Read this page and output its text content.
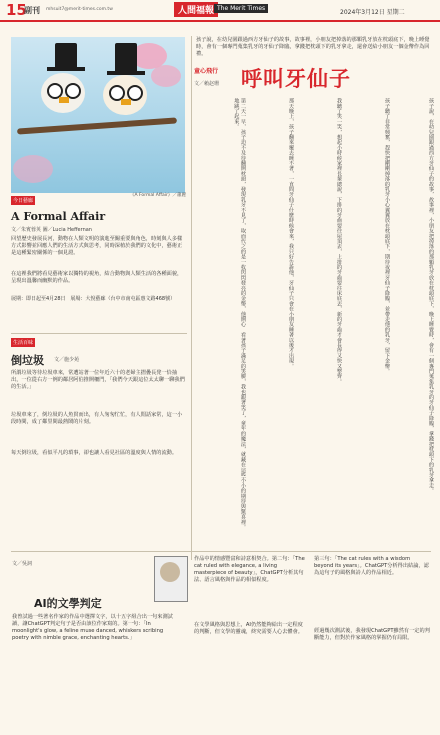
15
副刊 mhsuit7@merit-times.com.tw	人間福報 The Merit Times
2024年3月12日 星期二
《A Formal Affair》／蕭麗
孩子說，在幼兒園跟過西方牙仙子的故事，故事裡，小朋友把掉落的那顆乳牙放在枕頭底下，晚上睡覺時，會有一個專門蒐集乳牙的牙仙子降臨，拿錢把枕頭下的乳牙拿走，還會送給小朋友一個金幣作為回禮。
童心飛行
文／賴赵珊 呼叫牙仙子
孩子說，在幼兒園跟過西方牙仙子的故事，故事裡，小朋友把掉落的那顆乳牙放在枕頭底下，晚上睡覺時，會有一個專門蒐集乳牙的牙仙子降臨，拿錢把枕頭下的乳牙拿走。
孩子聽了非常興奮，趕快把剛剛掉落的乳牙小心翼翼放在枕頭底下，期待夜裡牙仙子降臨，並帶走他的乳牙，留下金幣。
我聽了笑一笑，想起小時候家裡長輩總說，下排的牙齒要往屋頂丟，上排的牙齒要往床底丟，新的牙齒才會長得又快又整齊。
那天晚上，孩子翻來覆去睡不著，一直問牙仙子什麼時候會來，我只好告訴他，牙仙子只會在小朋友睡著以後才出現。
第二天一早，孩子迫不及待翻開枕頭，發現乳牙不見了，取而代之的是一枚閃閃發亮的金幣，他開心地跳了起來。
看著孩子滿足的笑臉，我也跟著笑了，童年的魔法，就藏在這些小小的期待與驚喜裡。
今日藝廊
A Formal Affair
文／朱賓蓉英 圖／Lucia Heffernan
回望歷史發展長河，動物在人類文明的演進至關重要與角色，時刻與人多樣方式影響並回應人們的生活方式與思考，同時深植於我們的文化中，藝術正是這種緊密關係的一個見證。
在這裡我們將看見藝術家以獨特的視角，結合動物與人類生活的各種面貌，呈現出溫馨而幽默的作品。
展期：即日起至4月28日　展場：大悅藝廊（台中市南屯區惠文路468號）
生活百味
倒垃圾 文／施少苑
所謂垃圾等待垃圾車來，常遭站著一位年近六十的老婦主摺疊長凳一恰抽出，一位從右方一例的鄰居阿伯推開柵門，「我們今天跟這位太太聊一聊我們的生活。」
垃圾車來了，倒垃圾的人魚貫而出，有人匆匆忙忙，有人閒話家常，這一小段時間，成了鄰里間最熱鬧的片刻。
每天倒垃圾，看似平凡的瑣事，卻也讓人看見社區的溫度與人情的流動。
文／吳詞
AI的文學判定
我曾試過一些著名作家的作品中選擇文字，以十五字組合出一句來測試讀，讓ChatGPT判定句子是否由該位作家寫的。第一句：「In moonlight's glow, a feline muse danced, whiskers scribing poetry with nimble grace, enchanting hearts.」
作品中的情感豐富和詩意相契合。第二句：「The cat ruled with elegance, a living masterpiece of beauty」，ChatGPT分析其句法、語言風格與作品的相似程度。
在文學風格與思想上，AI仍然能夠給出一定程度的判斷，但文學的靈魂，終究需要人心去體會。
第三句：「The cat rules with a wisdom beyond its years」。ChatGPT分析得出結論，認為這句子的風格與詩人的作品相近。
經過幾次測試後，我發現ChatGPT雖然有一定的判斷能力，但對於作家風格的掌握仍有局限。
